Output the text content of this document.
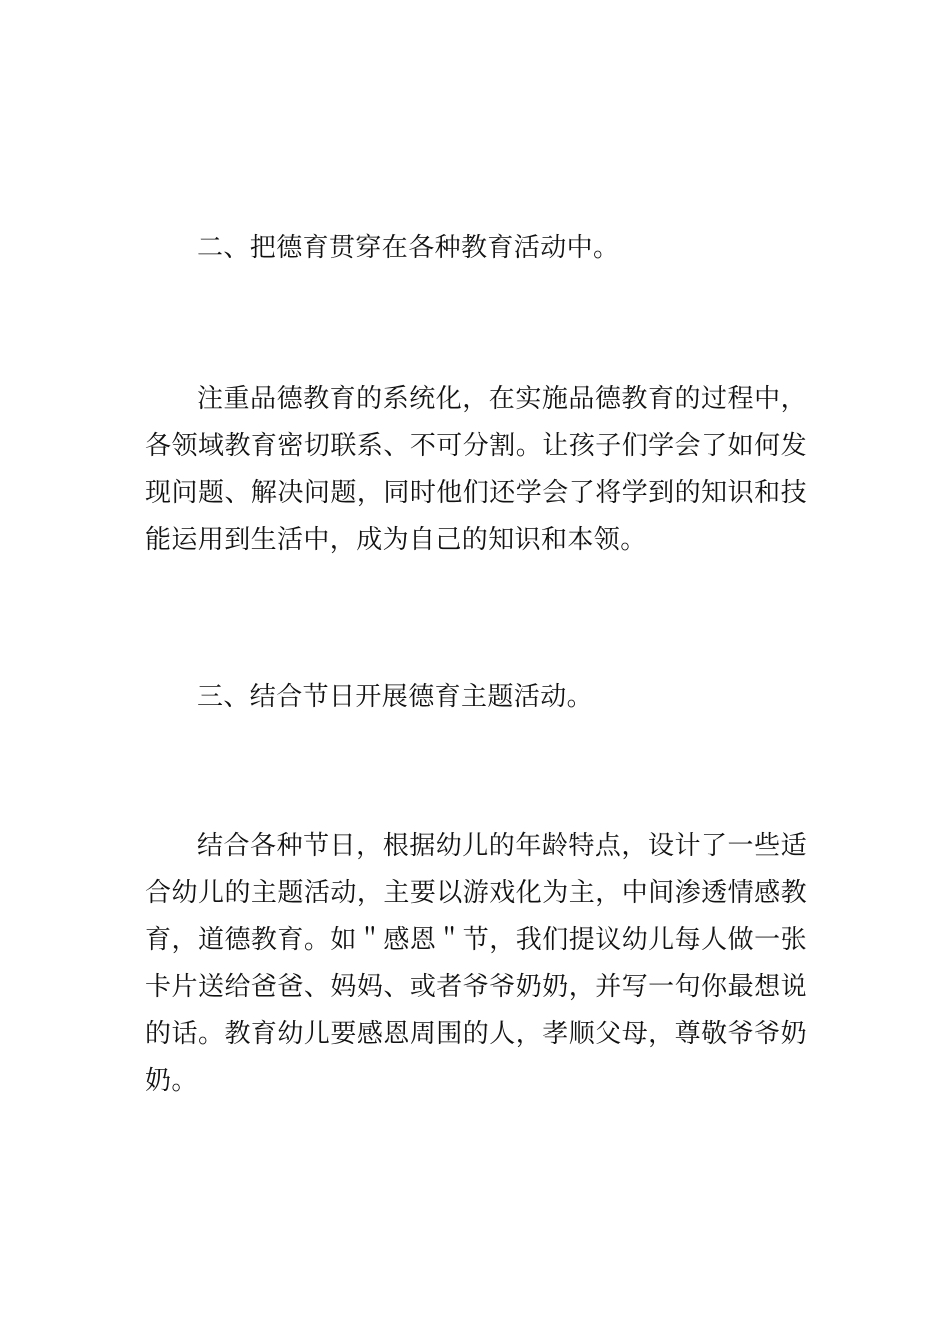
二、把德育贯穿在各种教育活动中。

注重品德教育的系统化，在实施品德教育的过程中，各领域教育密切联系、不可分割。让孩子们学会了如何发现问题、解决问题，同时他们还学会了将学到的知识和技能运用到生活中，成为自己的知识和本领。

三、结合节日开展德育主题活动。

结合各种节日，根据幼儿的年龄特点，设计了一些适合幼儿的主题活动，主要以游戏化为主，中间渗透情感教育，道德教育。如＂感恩＂节，我们提议幼儿每人做一张卡片送给爸爸、妈妈、或者爷爷奶奶，并写一句你最想说的话。教育幼儿要感恩周围的人，孝顺父母，尊敬爷爷奶奶。
